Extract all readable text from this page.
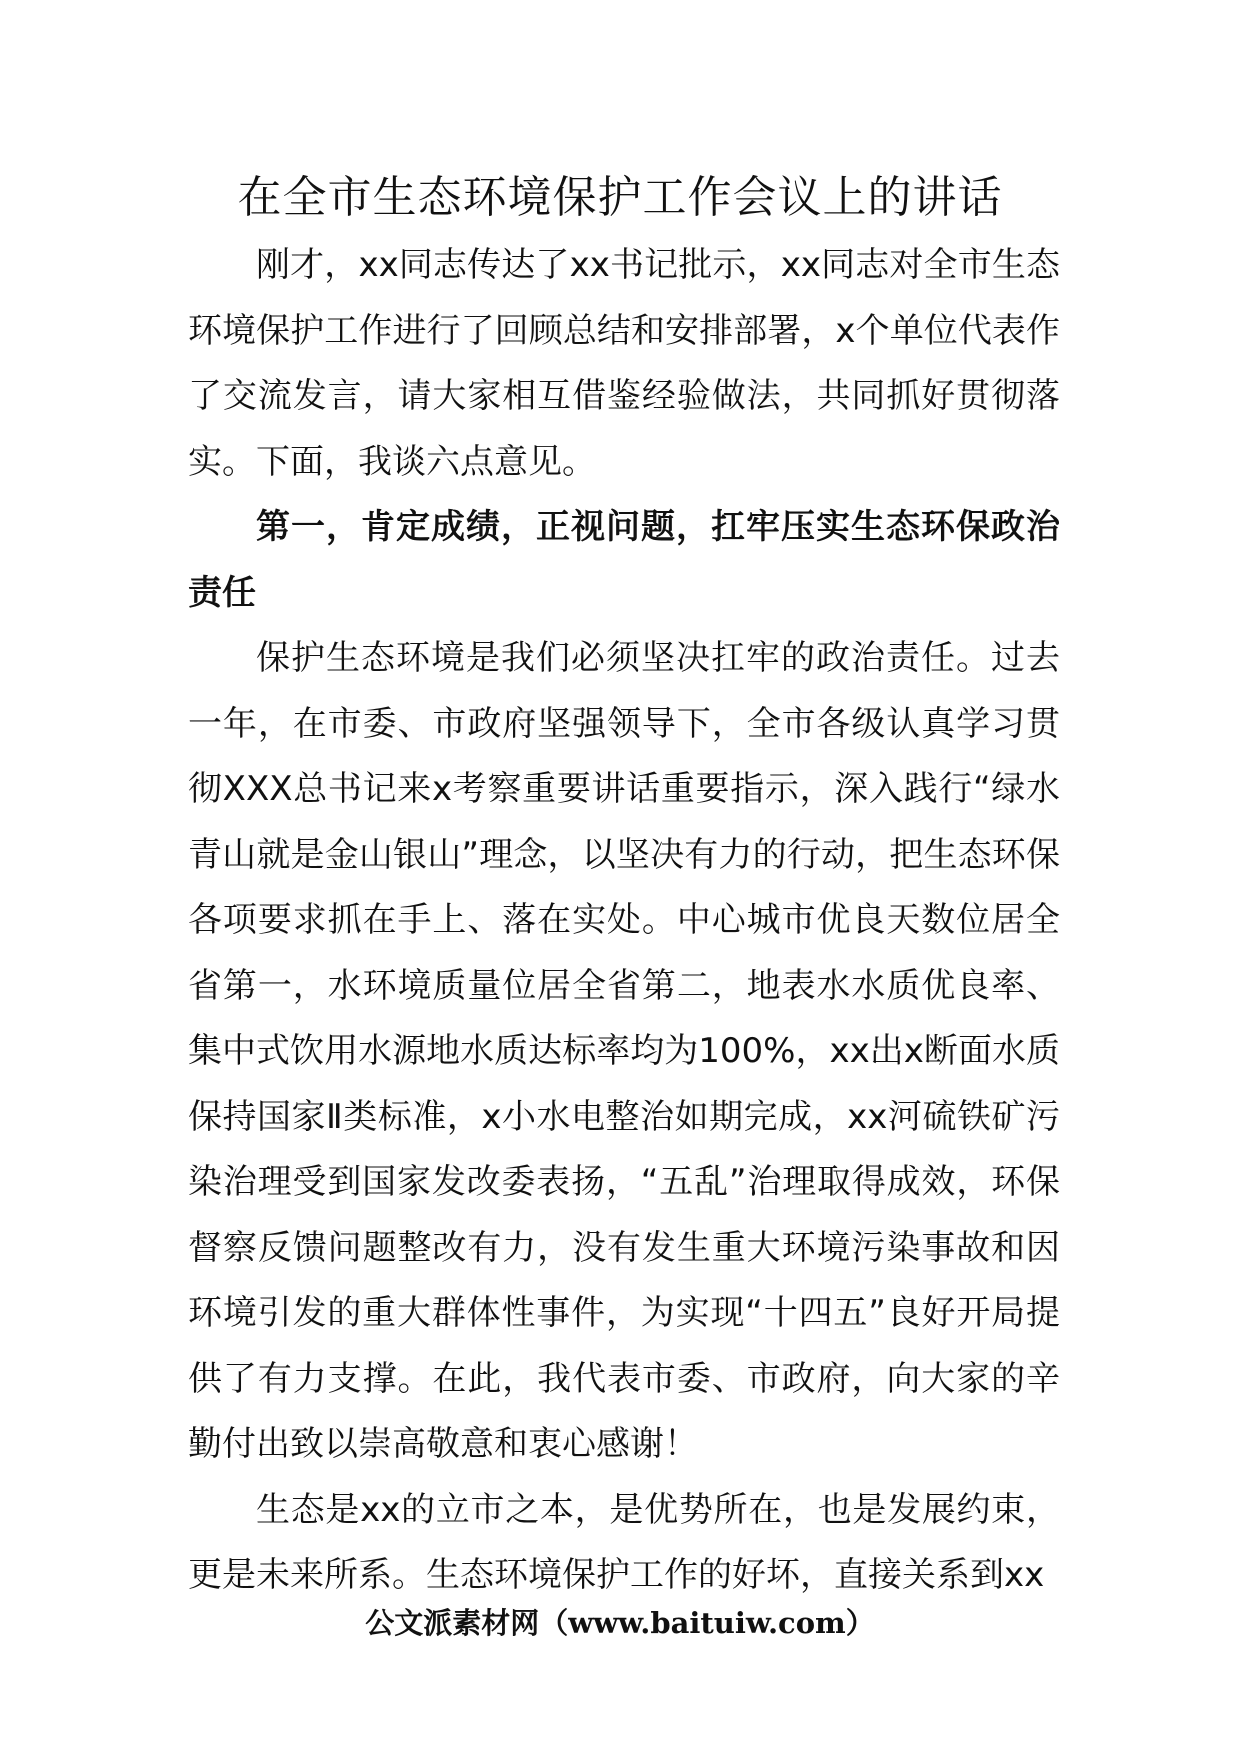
在全市生态环境保护工作会议上的讲话

刚才，xx同志传达了xx书记批示，xx同志对全市生态环境保护工作进行了回顾总结和安排部署，x个单位代表作了交流发言，请大家相互借鉴经验做法，共同抓好贯彻落实。下面，我谈六点意见。

第一，肯定成绩，正视问题，扛牢压实生态环保政治责任

保护生态环境是我们必须坚决扛牢的政治责任。过去一年，在市委、市政府坚强领导下，全市各级认真学习贯彻XXX总书记来x考察重要讲话重要指示，深入践行“绿水青山就是金山银山”理念，以坚决有力的行动，把生态环保各项要求抓在手上、落在实处。中心城市优良天数位居全省第一，水环境质量位居全省第二，地表水水质优良率、集中式饮用水源地水质达标率均为100%，xx出x断面水质保持国家Ⅱ类标准，x小水电整治如期完成，xx河硫铁矿污染治理受到国家发改委表扬，“五乱”治理取得成效，环保督察反馈问题整改有力，没有发生重大环境污染事故和因环境引发的重大群体性事件，为实现“十四五”良好开局提供了有力支撑。在此，我代表市委、市政府，向大家的辛勤付出致以崇高敬意和衷心感谢！

生态是xx的立市之本，是优势所在，也是发展约束，更是未来所系。生态环境保护工作的好坏，直接关系到xx

公文派素材网（www.baituiw.com）
